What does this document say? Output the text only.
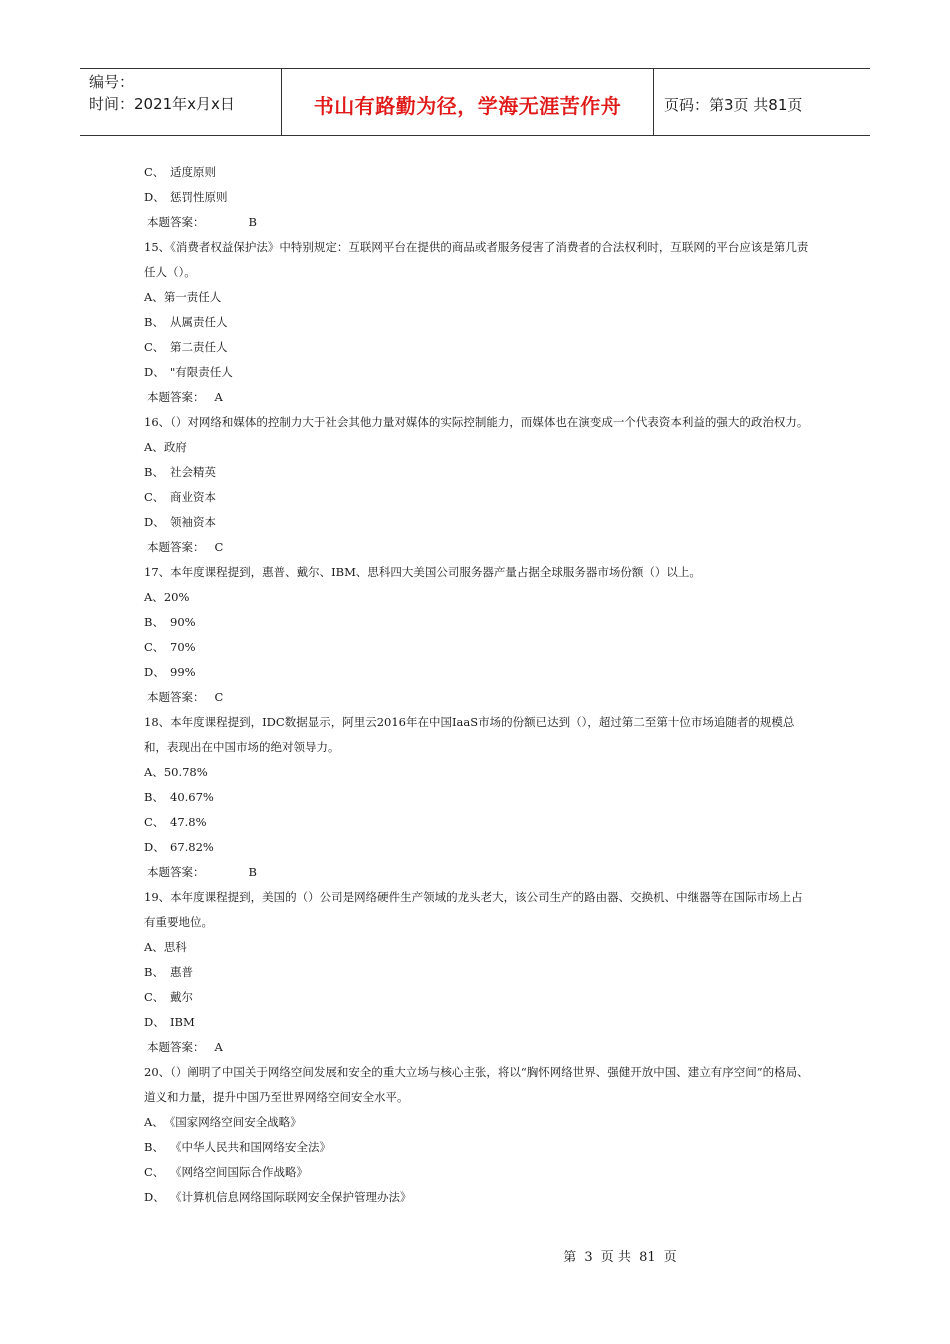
编号：
时间：2021年x月x日	书山有路勤为径，学海无涯苦作舟	页码：第3页 共81页
C、 适度原则
D、 惩罚性原则
本题答案：	B
15、《消费者权益保护法》中特别规定：互联网平台在提供的商品或者服务侵害了消费者的合法权利时，互联网的平台应该是第几责任人（）。
A、第一责任人
B、 从属责任人
C、 第二责任人
D、 "有限责任人
本题答案： A
16、（）对网络和媒体的控制力大于社会其他力量对媒体的实际控制能力，而媒体也在演变成一个代表资本利益的强大的政治权力。
A、政府
B、 社会精英
C、 商业资本
D、 领袖资本
本题答案： C
17、本年度课程提到，惠普、戴尔、IBM、思科四大美国公司服务器产量占据全球服务器市场份额（）以上。
A、20%
B、 90%
C、 70%
D、 99%
本题答案： C
18、本年度课程提到，IDC数据显示，阿里云2016年在中国IaaS市场的份额已达到（），超过第二至第十位市场追随者的规模总和，表现出在中国市场的绝对领导力。
A、50.78%
B、 40.67%
C、 47.8%
D、 67.82%
本题答案：	B
19、本年度课程提到，美国的（）公司是网络硬件生产领域的龙头老大，该公司生产的路由器、交换机、中继器等在国际市场上占有重要地位。
A、思科
B、 惠普
C、 戴尔
D、 IBM
本题答案： A
20、（）阐明了中国关于网络空间发展和安全的重大立场与核心主张，将以“胸怀网络世界、强健开放中国、建立有序空间”的格局、道义和力量，提升中国乃至世界网络空间安全水平。
A、《国家网络空间安全战略》
B、 《中华人民共和国网络安全法》
C、 《网络空间国际合作战略》
D、 《计算机信息网络国际联网安全保护管理办法》
第 3 页 共 81 页
